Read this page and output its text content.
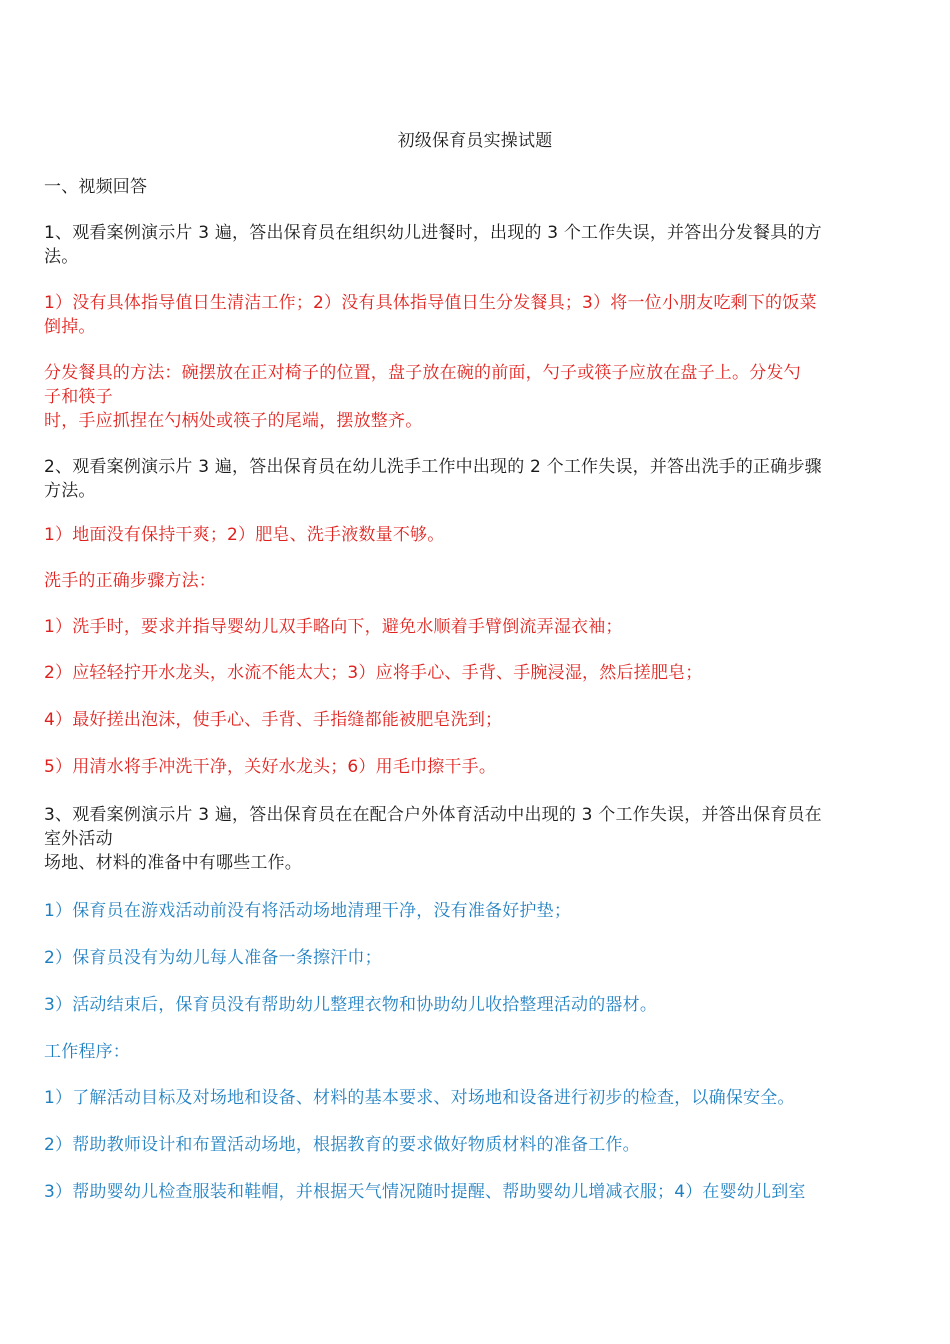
初级保育员实操试题
一、视频回答
1、观看案例演示片 3 遍，答出保育员在组织幼儿进餐时，出现的 3 个工作失误，并答出分发餐具的方
法。
1）没有具体指导值日生清洁工作；2）没有具体指导值日生分发餐具；3）将一位小朋友吃剩下的饭菜
倒掉。
分发餐具的方法：碗摆放在正对椅子的位置，盘子放在碗的前面，勺子或筷子应放在盘子上。分发勺
子和筷子
时，手应抓捏在勺柄处或筷子的尾端，摆放整齐。
2、观看案例演示片 3 遍，答出保育员在幼儿洗手工作中出现的 2 个工作失误，并答出洗手的正确步骤
方法。
1）地面没有保持干爽；2）肥皂、洗手液数量不够。
洗手的正确步骤方法：
1）洗手时，要求并指导婴幼儿双手略向下，避免水顺着手臂倒流弄湿衣袖；
2）应轻轻拧开水龙头，水流不能太大；3）应将手心、手背、手腕浸湿，然后搓肥皂；
4）最好搓出泡沫，使手心、手背、手指缝都能被肥皂洗到；
5）用清水将手冲洗干净，关好水龙头；6）用毛巾擦干手。
3、观看案例演示片 3 遍，答出保育员在在配合户外体育活动中出现的 3 个工作失误，并答出保育员在
室外活动
场地、材料的准备中有哪些工作。
1）保育员在游戏活动前没有将活动场地清理干净，没有准备好护垫；
2）保育员没有为幼儿每人准备一条擦汗巾；
3）活动结束后，保育员没有帮助幼儿整理衣物和协助幼儿收拾整理活动的器材。
工作程序：
1）了解活动目标及对场地和设备、材料的基本要求、对场地和设备进行初步的检查，以确保安全。
2）帮助教师设计和布置活动场地，根据教育的要求做好物质材料的准备工作。
3）帮助婴幼儿检查服装和鞋帽，并根据天气情况随时提醒、帮助婴幼儿增减衣服；4）在婴幼儿到室
